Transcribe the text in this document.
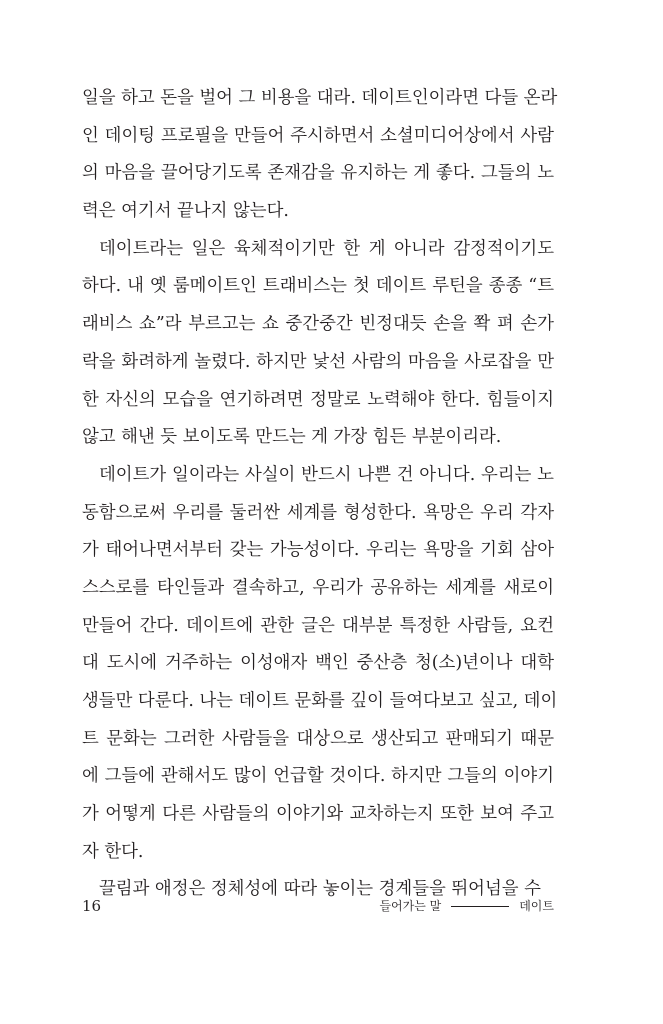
일을 하고 돈을 벌어 그 비용을 대라. 데이트인이라면 다들 온라
인 데이팅 프로필을 만들어 주시하면서 소셜미디어상에서 사람
의 마음을 끌어당기도록 존재감을 유지하는 게 좋다. 그들의 노
력은 여기서 끝나지 않는다.
데이트라는 일은 육체적이기만 한 게 아니라 감정적이기도
하다. 내 옛 룸메이트인 트래비스는 첫 데이트 루틴을 종종 “트
래비스 쇼”라 부르고는 쇼 중간중간 빈정대듯 손을 쫙 펴 손가
락을 화려하게 놀렸다. 하지만 낯선 사람의 마음을 사로잡을 만
한 자신의 모습을 연기하려면 정말로 노력해야 한다. 힘들이지
않고 해낸 듯 보이도록 만드는 게 가장 힘든 부분이리라.
데이트가 일이라는 사실이 반드시 나쁜 건 아니다. 우리는 노
동함으로써 우리를 둘러싼 세계를 형성한다. 욕망은 우리 각자
가 태어나면서부터 갖는 가능성이다. 우리는 욕망을 기회 삼아
스스로를 타인들과 결속하고, 우리가 공유하는 세계를 새로이
만들어 간다. 데이트에 관한 글은 대부분 특정한 사람들, 요컨
대 도시에 거주하는 이성애자 백인 중산층 청(소)년이나 대학
생들만 다룬다. 나는 데이트 문화를 깊이 들여다보고 싶고, 데이
트 문화는 그러한 사람들을 대상으로 생산되고 판매되기 때문
에 그들에 관해서도 많이 언급할 것이다. 하지만 그들의 이야기
가 어떻게 다른 사람들의 이야기와 교차하는지 또한 보여 주고
자 한다.
끌림과 애정은 정체성에 따라 놓이는 경계들을 뛰어넘을 수
16	들어가는 말	데이트
